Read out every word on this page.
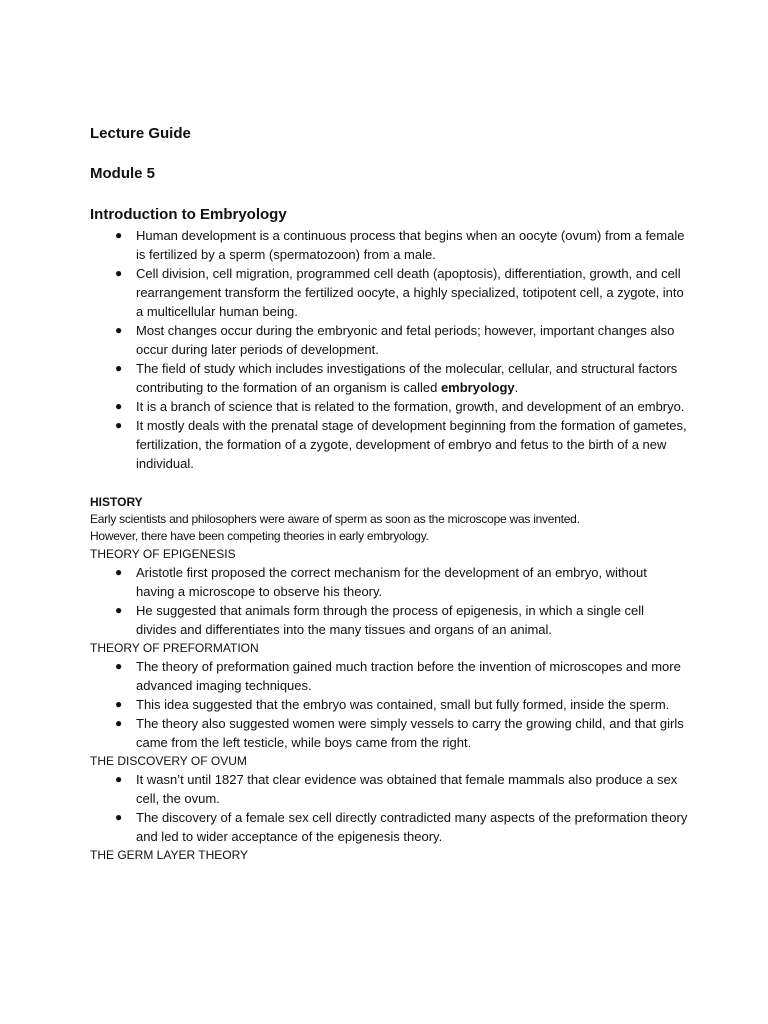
Lecture Guide

Module 5

Introduction to Embryology

● Human development is a continuous process that begins when an oocyte (ovum) from a female is fertilized by a sperm (spermatozoon) from a male.
● Cell division, cell migration, programmed cell death (apoptosis), differentiation, growth, and cell rearrangement transform the fertilized oocyte, a highly specialized, totipotent cell, a zygote, into a multicellular human being.
● Most changes occur during the embryonic and fetal periods; however, important changes also occur during later periods of development.
● The field of study which includes investigations of the molecular, cellular, and structural factors contributing to the formation of an organism is called embryology.
● It is a branch of science that is related to the formation, growth, and development of an embryo.
● It mostly deals with the prenatal stage of development beginning from the formation of gametes, fertilization, the formation of a zygote, development of embryo and fetus to the birth of a new individual.
HISTORY
Early scientists and philosophers were aware of sperm as soon as the microscope was invented.
However, there have been competing theories in early embryology.
THEORY OF EPIGENESIS
● Aristotle first proposed the correct mechanism for the development of an embryo, without having a microscope to observe his theory.
● He suggested that animals form through the process of epigenesis, in which a single cell divides and differentiates into the many tissues and organs of an animal.
THEORY OF PREFORMATION
● The theory of preformation gained much traction before the invention of microscopes and more advanced imaging techniques.
● This idea suggested that the embryo was contained, small but fully formed, inside the sperm.
● The theory also suggested women were simply vessels to carry the growing child, and that girls came from the left testicle, while boys came from the right.
THE DISCOVERY OF OVUM
● It wasn’t until 1827 that clear evidence was obtained that female mammals also produce a sex cell, the ovum.
● The discovery of a female sex cell directly contradicted many aspects of the preformation theory and led to wider acceptance of the epigenesis theory.
THE GERM LAYER THEORY
